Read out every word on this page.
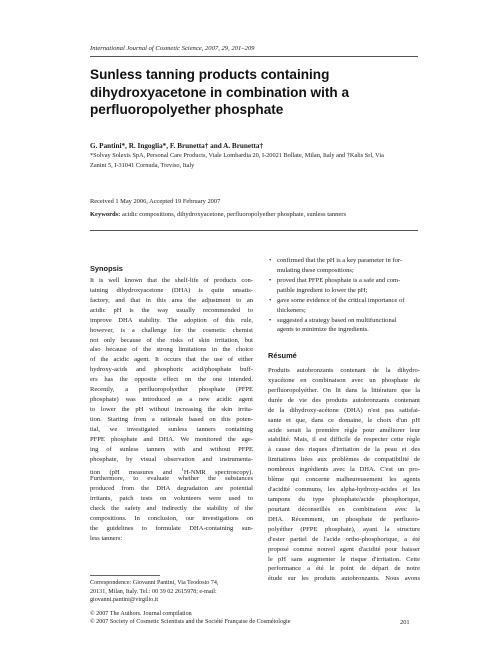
International Journal of Cosmetic Science, 2007, 29, 201–209
Sunless tanning products containing
dihydroxyacetone in combination with a
perfluoropolyether phosphate
G. Pantini*, R. Ingoglia*, F. Brunetta† and A. Brunetta†
*Solvay Solexis SpA, Personal Care Products, Viale Lombardia 20, I-20021 Bollate, Milan, Italy and †Kalis Srl, Via
Zanini 5, I-31041 Cornuda, Treviso, Italy
Received 1 May 2006, Accepted 19 February 2007
Keywords: acidic compositions, dihydroxyacetone, perfluoropolyether phosphate, sunless tanners
Synopsis
It is well known that the shelf-life of products con-
taining dihydroxyacetone (DHA) is quite unsatis-
factory, and that in this area the adjustment to an
acidic pH is the way usually recommended to
improve DHA stability. The adoption of this rule,
however, is a challenge for the cosmetic chemist
not only because of the risks of skin irritation, but
also because of the strong limitations in the choice
of the acidic agent. It occurs that the use of either
hydroxy-acids and phosphoric acid/phosphate buff-
ers has the opposite effect on the one intended.
Recently, a perfluoropolyether phosphate (PFPE
phosphate) was introduced as a new acidic agent
to lower the pH without increasing the skin irrita-
tion. Starting from a rationale based on this poten-
tial, we investigated sunless tanners containing
PFPE phosphate and DHA. We monitored the age-
ing of sunless tanners with and without PFPE
phosphate, by visual observation and instrumenta-
tion (pH measures and $^1$H-NMR spectroscopy).
Furthermore, to evaluate whether the substances
produced from the DHA degradation are potential
irritants, patch tests on volunteers were used to
check the safety and indirectly the stability of the
compositions. In conclusion, our investigations on
the guidelines to formulate DHA-containing sun-
less tanners:
• confirmed that the pH is a key parameter in for-
mulating these compositions;
• proved that PFPE phosphate is a safe and com-
patible ingredient to lower the pH;
• gave some evidence of the critical importance of
thickeners;
• suggested a strategy based on multifunctional
agents to minimize the ingredients.
Résumé
Produits autobronzants contenant de la dihydro-
xyacétone en combinaison avec un phosphate de
perfluoropolyéther. On lit dans la littérature que la
durée de vie des produits autobronzants contenant
de la dihydroxy-acétone (DHA) n'est pas satisfai-
sante et que, dans ce domaine, le choix d'un pH
acide serait la première règle pour améliorer leur
stabilité. Mais, il est difficile de respecter cette règle
à cause des risques d'irritation de la peau et des
limitations liées aux problèmes de compatibilité de
nombreux ingrédients avec la DHA. C'est un pro-
blème qui concerne malheureusement les agents
d'acidité communs, les alpha-hydroxy-acides et les
tampons du type phosphate/acide phosphorique,
pourtant déconseillés en combinaison avec la
DHA. Récemment, un phosphate de perfluoro-
polyéther (PFPE phosphate), ayant la structure
d'ester partiel de l'acide ortho-phosphorique, a été
proposé comme nouvel agent d'acidité pour baisser
le pH sans augmenter le risque d'irritation. Cette
performance a été le point de départ de notre
étude sur les produits autobronzants. Nous avons
Correspondence: Giovanni Pantini, Via Teodosio 74,
20131, Milan, Italy. Tel.: 00 39 02 2615978; e-mail:
giovanni.pantini@virgilio.it
© 2007 The Authors. Journal compilation
© 2007 Society of Cosmetic Scientists and the Société Française de Cosmétologie	201
